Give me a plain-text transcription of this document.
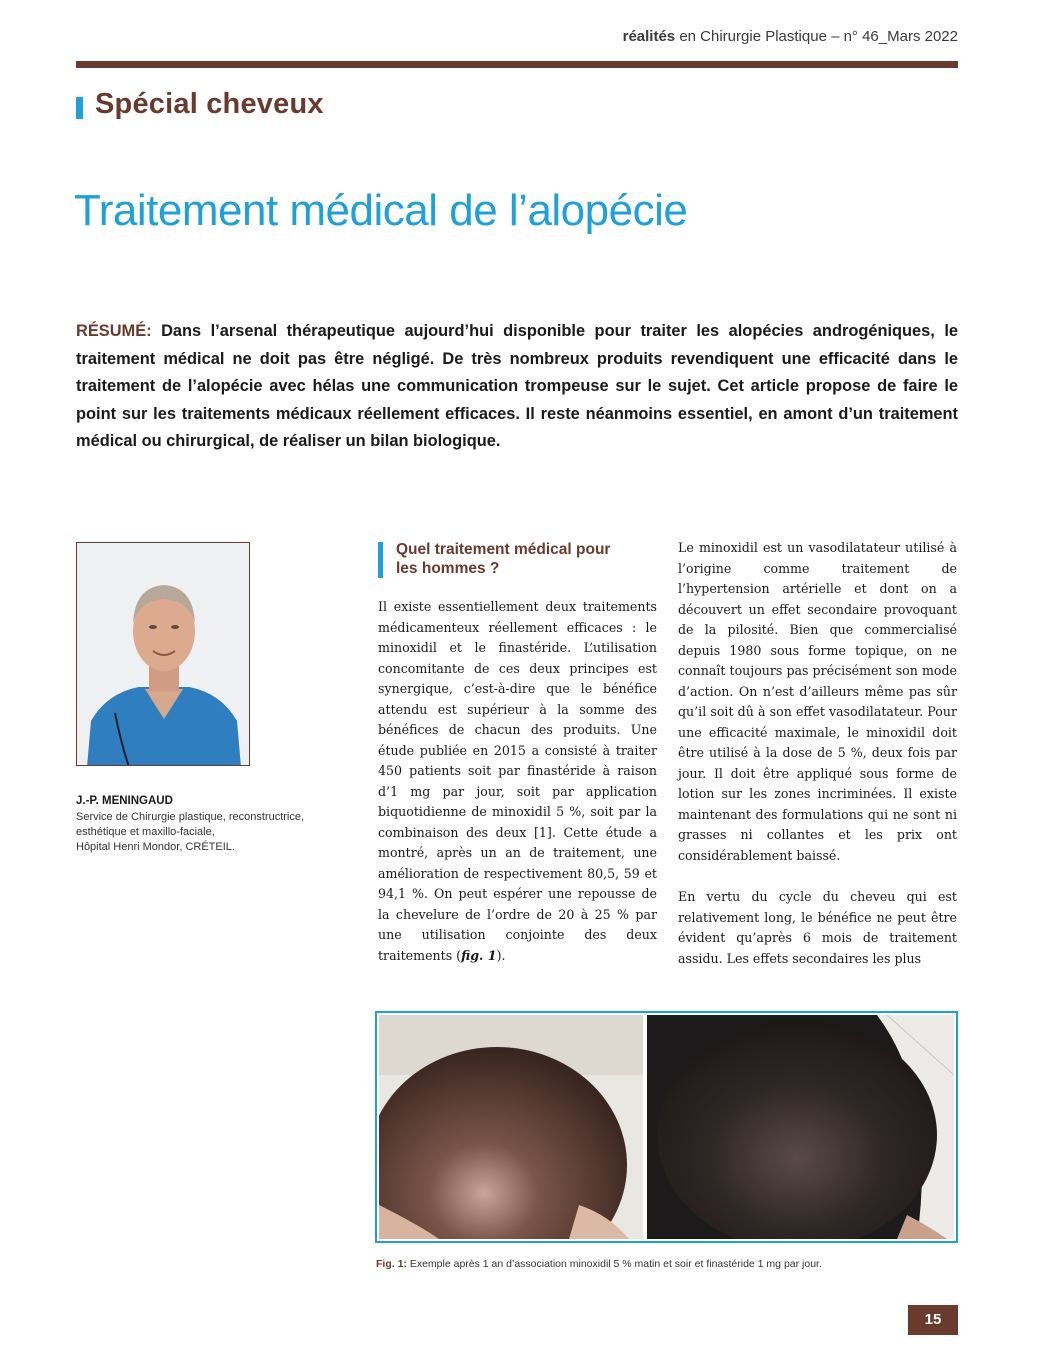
réalités en Chirurgie Plastique – n° 46_Mars 2022
Spécial cheveux
Traitement médical de l’alopécie
RÉSUMÉ: Dans l’arsenal thérapeutique aujourd’hui disponible pour traiter les alopécies androgéniques, le traitement médical ne doit pas être négligé. De très nombreux produits revendiquent une efficacité dans le traitement de l’alopécie avec hélas une communication trompeuse sur le sujet. Cet article propose de faire le point sur les traitements médicaux réellement efficaces. Il reste néanmoins essentiel, en amont d’un traitement médical ou chirurgical, de réaliser un bilan biologique.
J.-P. MENINGAUD
Service de Chirurgie plastique, reconstructrice, esthétique et maxillo-faciale,
Hôpital Henri Mondor, CRÉTEIL.
Quel traitement médical pour les hommes ?

Il existe essentiellement deux traitements médicamenteux réellement efficaces : le minoxidil et le finastéride. L’utilisation concomitante de ces deux principes est synergique, c’est-à-dire que le bénéfice attendu est supérieur à la somme des bénéfices de chacun des produits. Une étude publiée en 2015 a consisté à traiter 450 patients soit par finastéride à raison d’1 mg par jour, soit par application biquotidienne de minoxidil 5 %, soit par la combinaison des deux [1]. Cette étude a montré, après un an de traitement, une amélioration de respectivement 80,5, 59 et 94,1 %. On peut espérer une repousse de la chevelure de l’ordre de 20 à 25 % par une utilisation conjointe des deux traitements (fig. 1).

Le minoxidil est un vasodilatateur utilisé à l’origine comme traitement de l’hypertension artérielle et dont on a découvert un effet secondaire provoquant de la pilosité. Bien que commercialisé depuis 1980 sous forme topique, on ne connaît toujours pas précisément son mode d’action. On n’est d’ailleurs même pas sûr qu’il soit dû à son effet vasodilatateur. Pour une efficacité maximale, le minoxidil doit être utilisé à la dose de 5 %, deux fois par jour. Il doit être appliqué sous forme de lotion sur les zones incriminées. Il existe maintenant des formulations qui ne sont ni grasses ni collantes et les prix ont considérablement baissé.

En vertu du cycle du cheveu qui est relativement long, le bénéfice ne peut être évident qu’après 6 mois de traitement assidu. Les effets secondaires les plus

Fig. 1: Exemple après 1 an d’association minoxidil 5 % matin et soir et finastéride 1 mg par jour.
15
